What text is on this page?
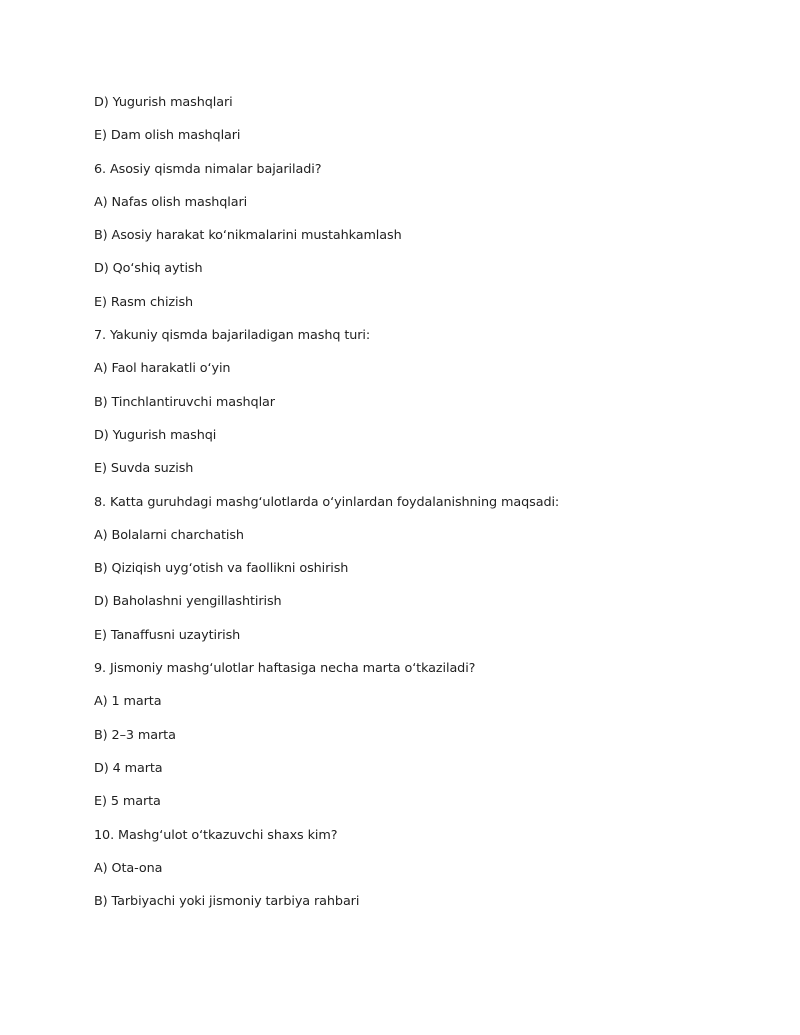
D) Yugurish mashqlari
E) Dam olish mashqlari
6. Asosiy qismda nimalar bajariladi?
A) Nafas olish mashqlari
B) Asosiy harakat ko‘nikmalarini mustahkamlash
D) Qo‘shiq aytish
E) Rasm chizish
7. Yakuniy qismda bajariladigan mashq turi:
A) Faol harakatli o‘yin
B) Tinchlantiruvchi mashqlar
D) Yugurish mashqi
E) Suvda suzish
8. Katta guruhdagi mashg‘ulotlarda o‘yinlardan foydalanishning maqsadi:
A) Bolalarni charchatish
B) Qiziqish uyg‘otish va faollikni oshirish
D) Baholashni yengillashtirish
E) Tanaffusni uzaytirish
9. Jismoniy mashg‘ulotlar haftasiga necha marta o‘tkaziladi?
A) 1 marta
B) 2–3 marta
D) 4 marta
E) 5 marta
10. Mashg‘ulot o‘tkazuvchi shaxs kim?
A) Ota-ona
B) Tarbiyachi yoki jismoniy tarbiya rahbari
